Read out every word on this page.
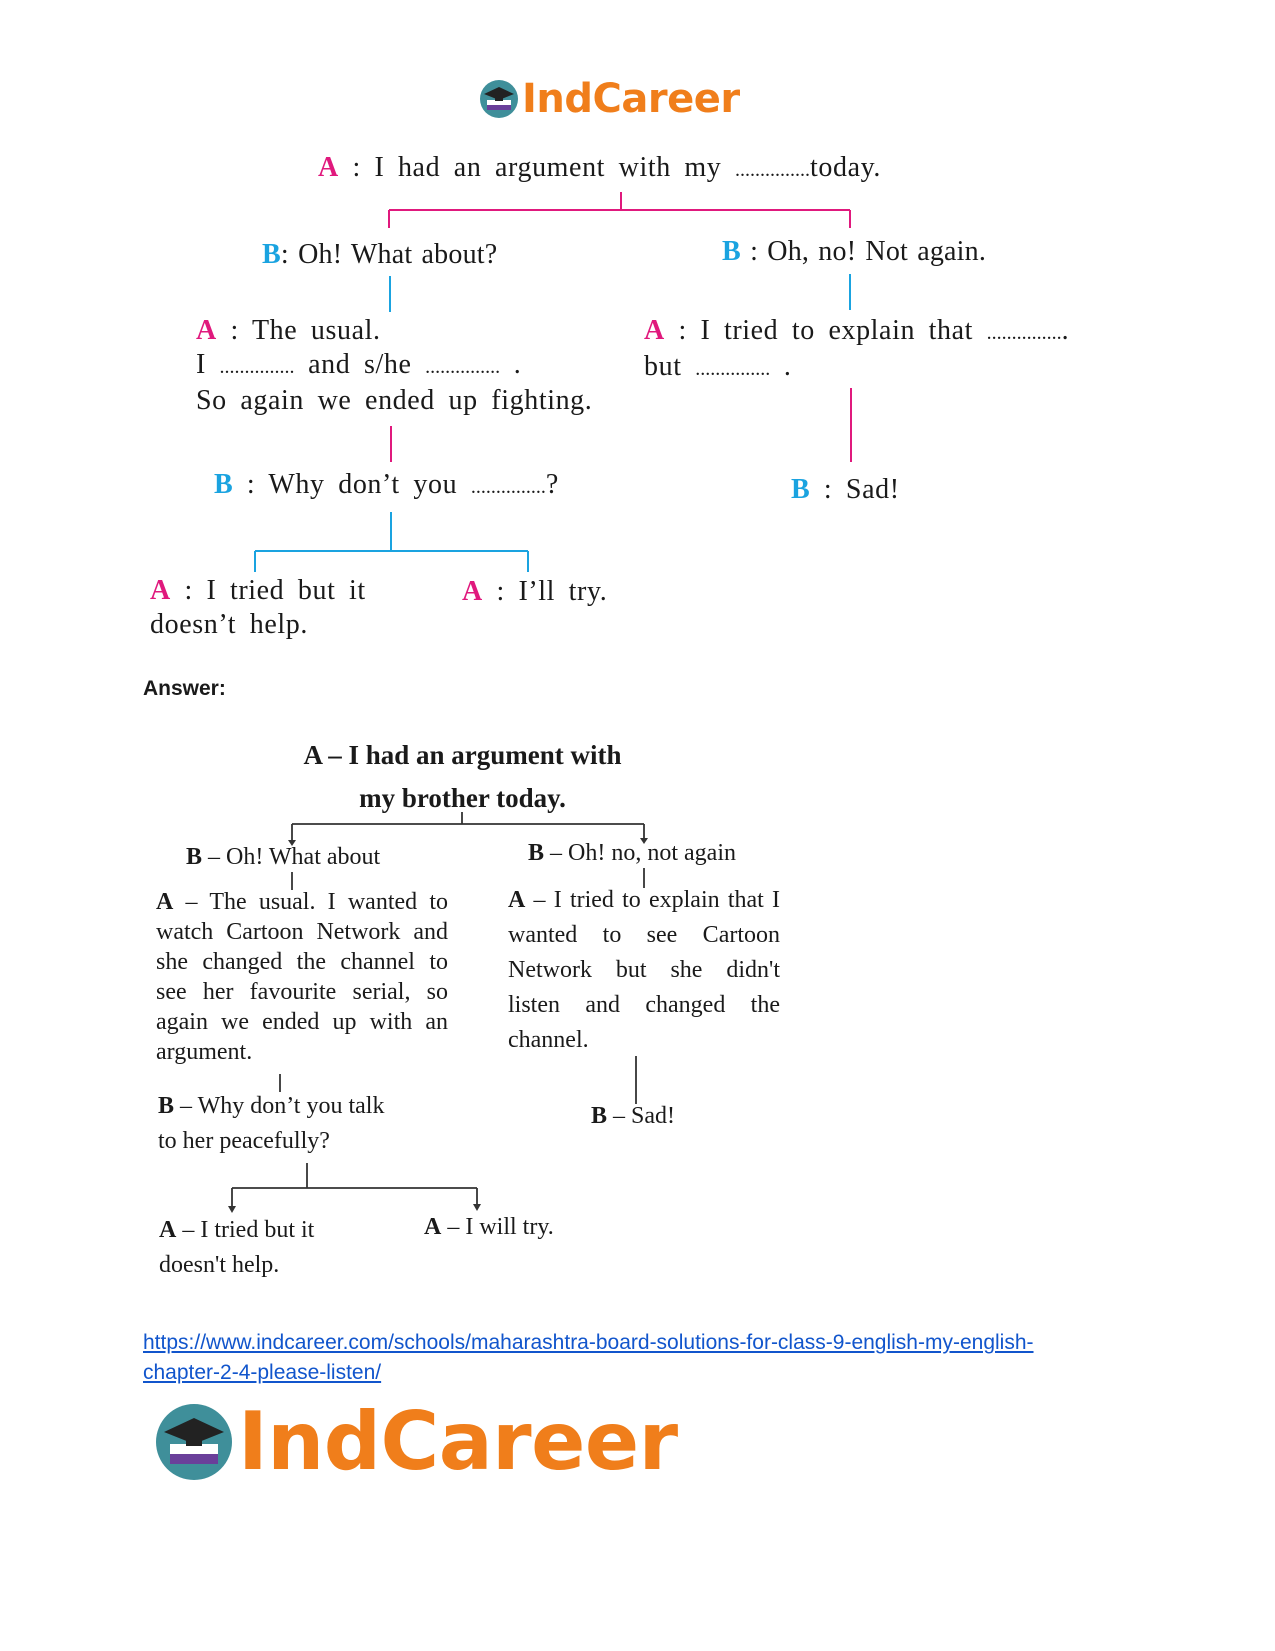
IndCareer
A : I had an argument with my ...............today.
B: Oh! What about?	B : Oh, no! Not again.
A : The usual.
I ............... and s/he ............... .
So again we ended up fighting.
A : I tried to explain that ................
but ............... .
B : Why don’t you ...............?	B : Sad!
A : I tried but it
doesn’t help.
A : I’ll try.
Answer:
A – I had an argument with
my brother today.
B – Oh! What about	B – Oh! no, not again
A – The usual. I wanted to watch Cartoon Network and she changed the channel to see her favourite serial, so again we ended up with an argument.
A – I tried to explain that I wanted to see Cartoon Network but she didn't listen and changed the channel.
B – Why don’t you talk
to her peacefully?
B – Sad!
A – I tried but it
doesn't help.
A – I will try.
https://www.indcareer.com/schools/maharashtra-board-solutions-for-class-9-english-my-english-
chapter-2-4-please-listen/
IndCareer
